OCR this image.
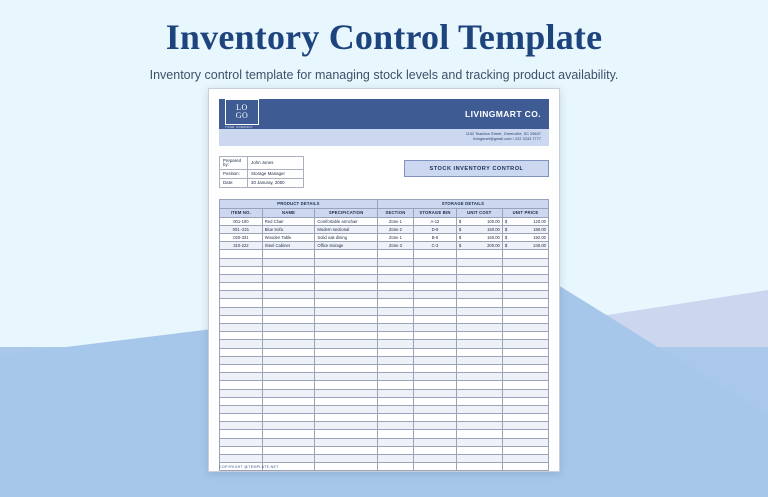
Inventory Control Template

Inventory control template for managing stock levels and tracking product availability.

LO
GO
YOUR COMPANY
LIVINGMART CO.
1152 Teaction Street, Greenville, SC 29607
livingmart@gmail.com / 222 3333 7777
Prepared by:	John Jones
Position:	Storage Manager
Date:	30 Januray, 2050
STOCK INVENTORY CONTROL
PRODUCT DETAILS			STORAGE DETAILS			
ITEM NO.	NAME	SPECIFICATION	SECTION	STORAGE BIN	UNIT COST	UNIT PRICE
001-100	Red Chair	Comfortable armchair	Zone 1	A-12	$ 100.00	$ 120.00
001 -221	Blue Sofa	Modern sectional	Zone 2	D-9	$ 150.00	$ 180.00
020-331	Wooden Table	Solid oak dining	Zone 1	B-6	$ 160.00	$ 192.00
310-222	Steel Cabinet	Office storage	Zone 3	C-3	$ 200.00	$ 240.00

COPYRIGHT @TEMPLATE.NET
